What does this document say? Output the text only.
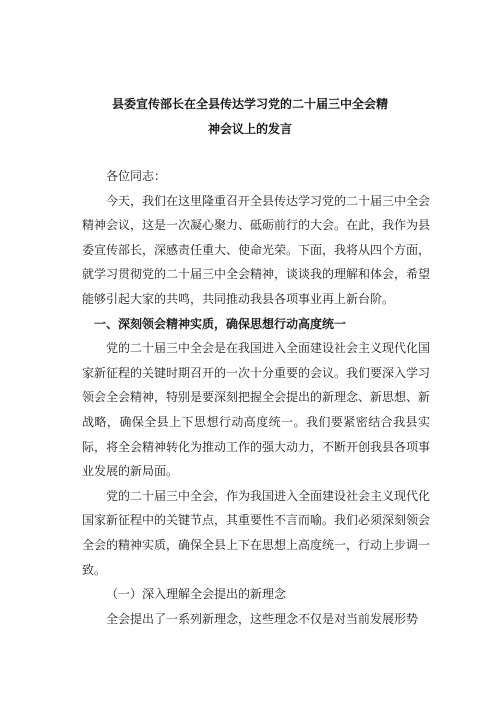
县委宣传部长在全县传达学习党的二十届三中全会精
神会议上的发言

各位同志：

今天，我们在这里隆重召开全县传达学习党的二十届三中全会精神会议，这是一次凝心聚力、砥砺前行的大会。在此，我作为县委宣传部长，深感责任重大、使命光荣。下面，我将从四个方面，就学习贯彻党的二十届三中全会精神，谈谈我的理解和体会，希望能够引起大家的共鸣，共同推动我县各项事业再上新台阶。

一、深刻领会精神实质，确保思想行动高度统一

党的二十届三中全会是在我国进入全面建设社会主义现代化国家新征程的关键时期召开的一次十分重要的会议。我们要深入学习领会全会精神，特别是要深刻把握全会提出的新理念、新思想、新战略，确保全县上下思想行动高度统一。我们要紧密结合我县实际，将全会精神转化为推动工作的强大动力，不断开创我县各项事业发展的新局面。

党的二十届三中全会，作为我国进入全面建设社会主义现代化国家新征程中的关键节点，其重要性不言而喻。我们必须深刻领会全会的精神实质，确保全县上下在思想上高度统一，行动上步调一致。

（一）深入理解全会提出的新理念

全会提出了一系列新理念，这些理念不仅是对当前发展形势
